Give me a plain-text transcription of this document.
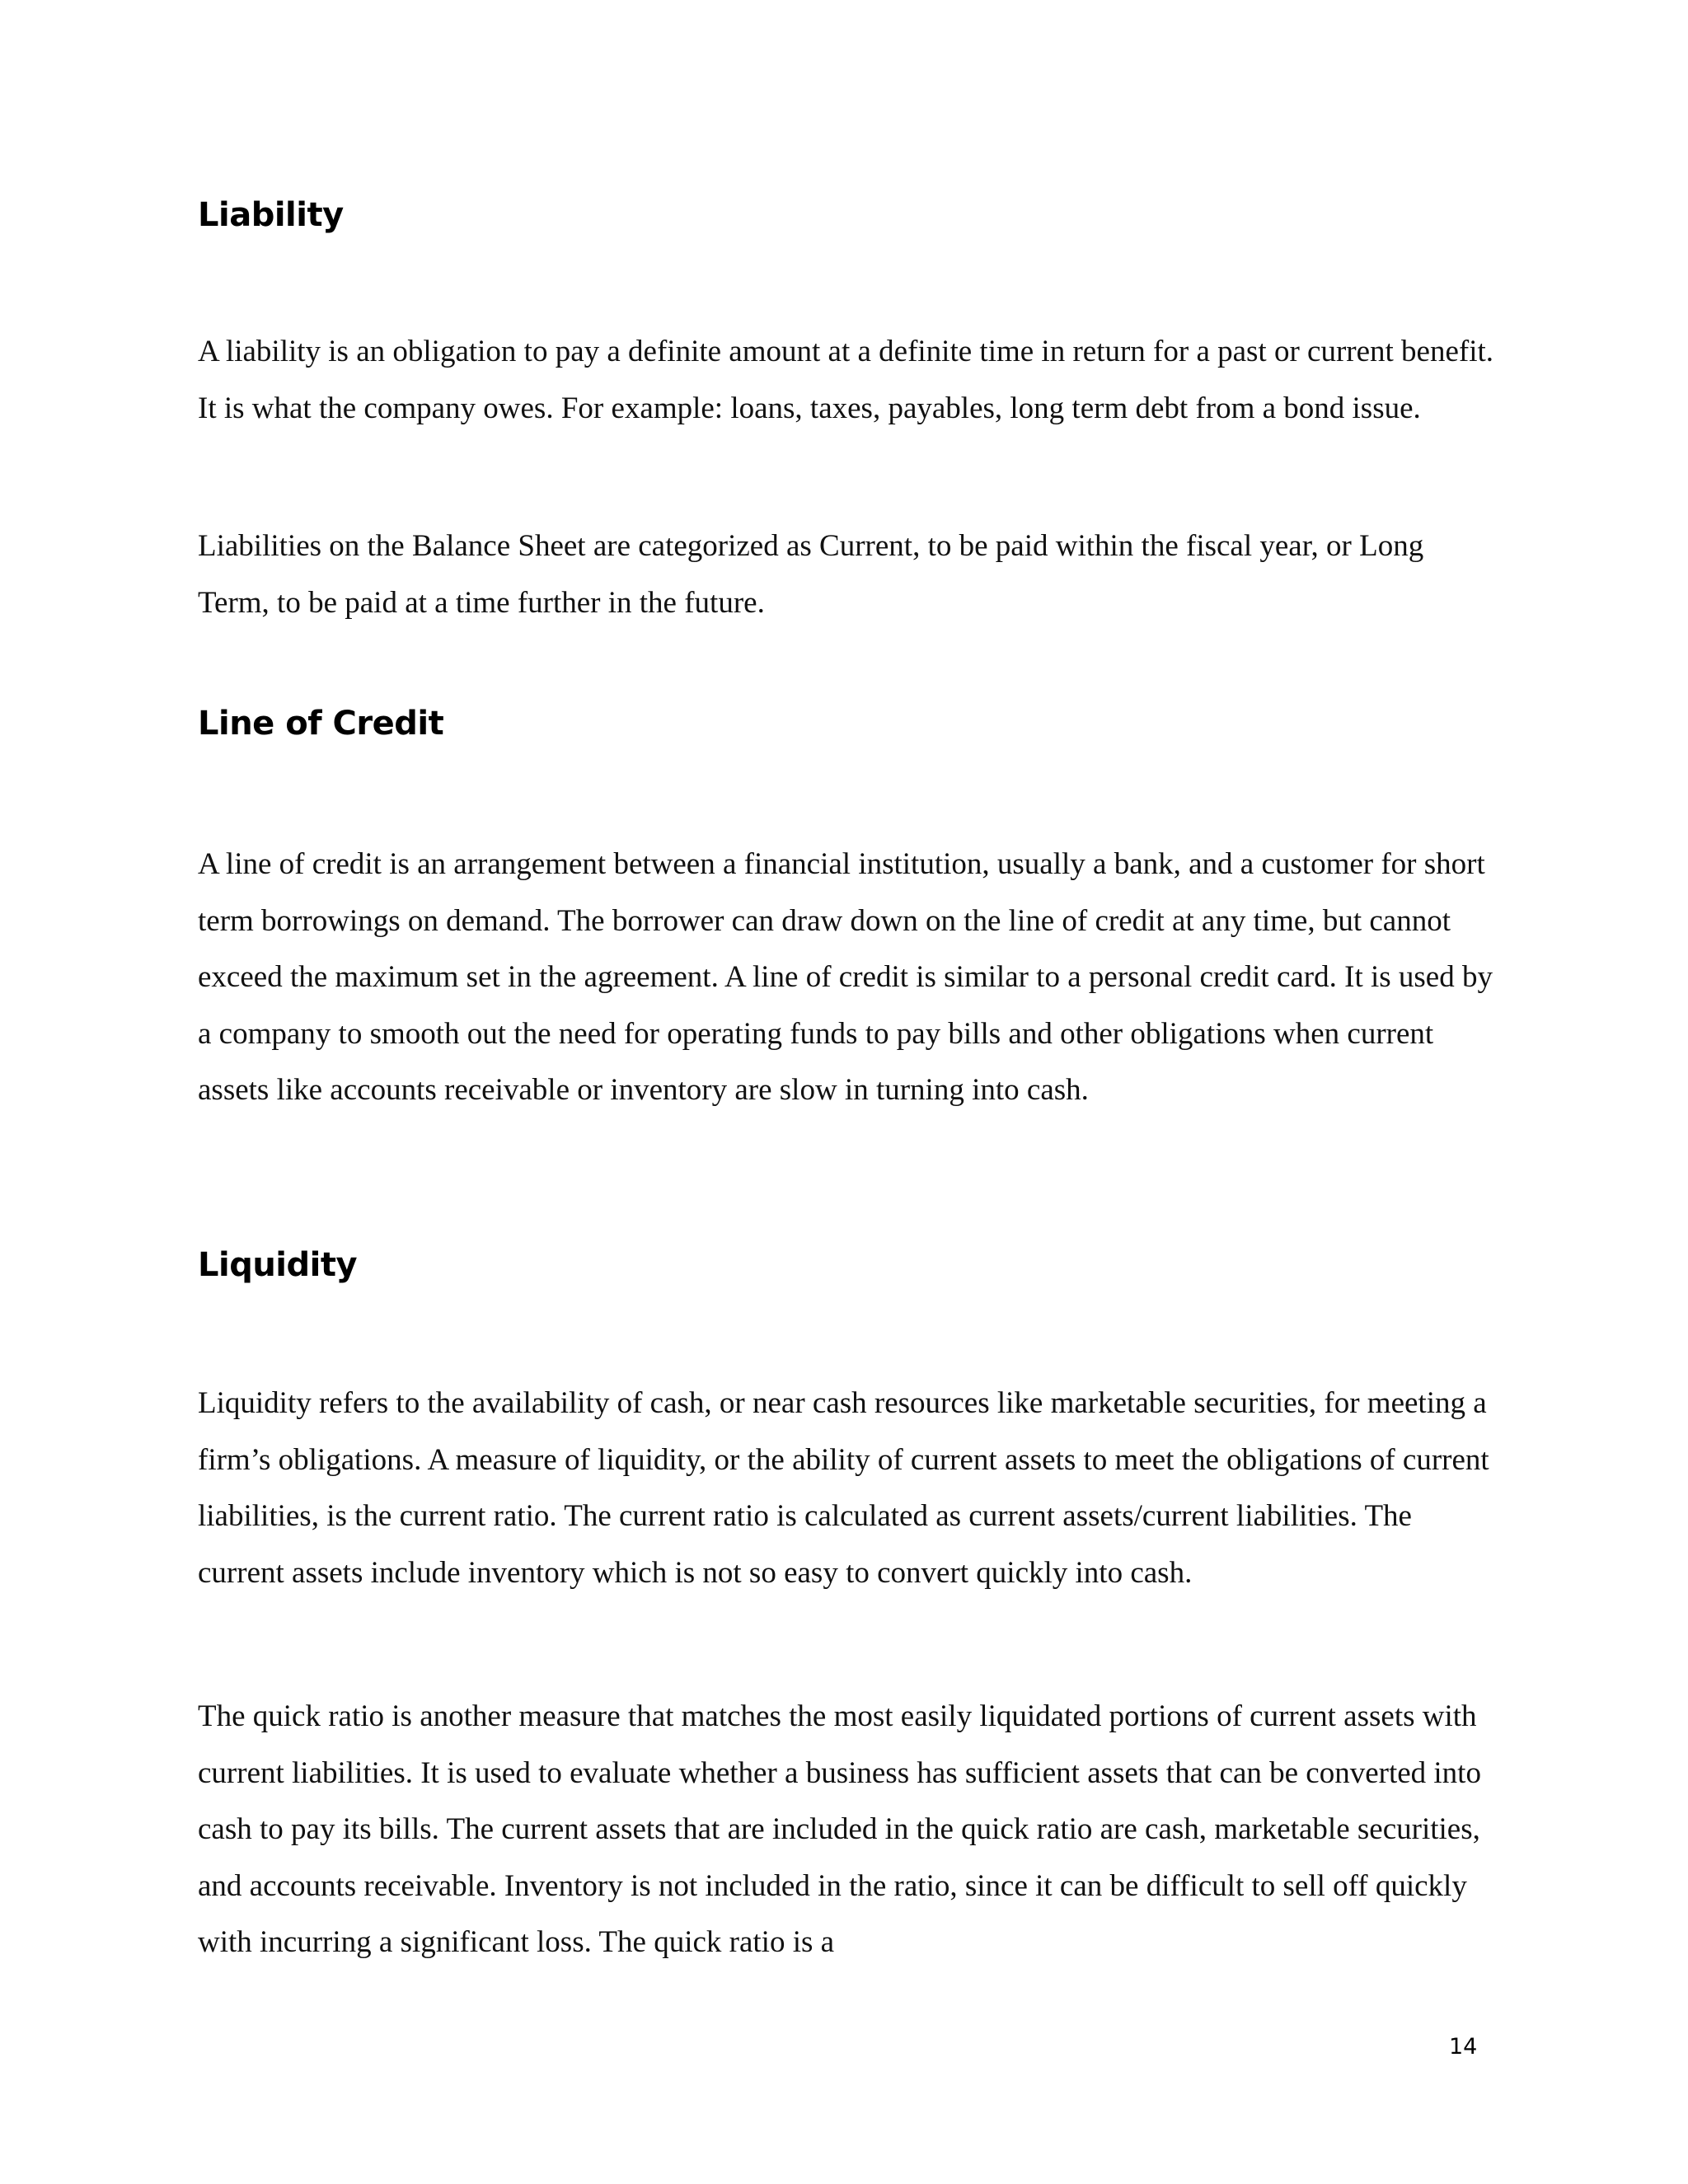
Liability

A liability is an obligation to pay a definite amount at a definite time in return for a past or current benefit. It is what the company owes. For example: loans, taxes, payables, long term debt from a bond issue.

Liabilities on the Balance Sheet are categorized as Current, to be paid within the fiscal year, or Long Term, to be paid at a time further in the future.

Line of Credit

A line of credit is an arrangement between a financial institution, usually a bank, and a customer for short term borrowings on demand. The borrower can draw down on the line of credit at any time, but cannot exceed the maximum set in the agreement. A line of credit is similar to a personal credit card. It is used by a company to smooth out the need for operating funds to pay bills and other obligations when current assets like accounts receivable or inventory are slow in turning into cash.

Liquidity

Liquidity refers to the availability of cash, or near cash resources like marketable securities, for meeting a firm’s obligations. A measure of liquidity, or the ability of current assets to meet the obligations of current liabilities, is the current ratio. The current ratio is calculated as current assets/current liabilities. The current assets include inventory which is not so easy to convert quickly into cash.

The quick ratio is another measure that matches the most easily liquidated portions of current assets with current liabilities. It is used to evaluate whether a business has sufficient assets that can be converted into cash to pay its bills. The current assets that are included in the quick ratio are cash, marketable securities, and accounts receivable. Inventory is not included in the ratio, since it can be difficult to sell off quickly with incurring a significant loss. The quick ratio is a

14
